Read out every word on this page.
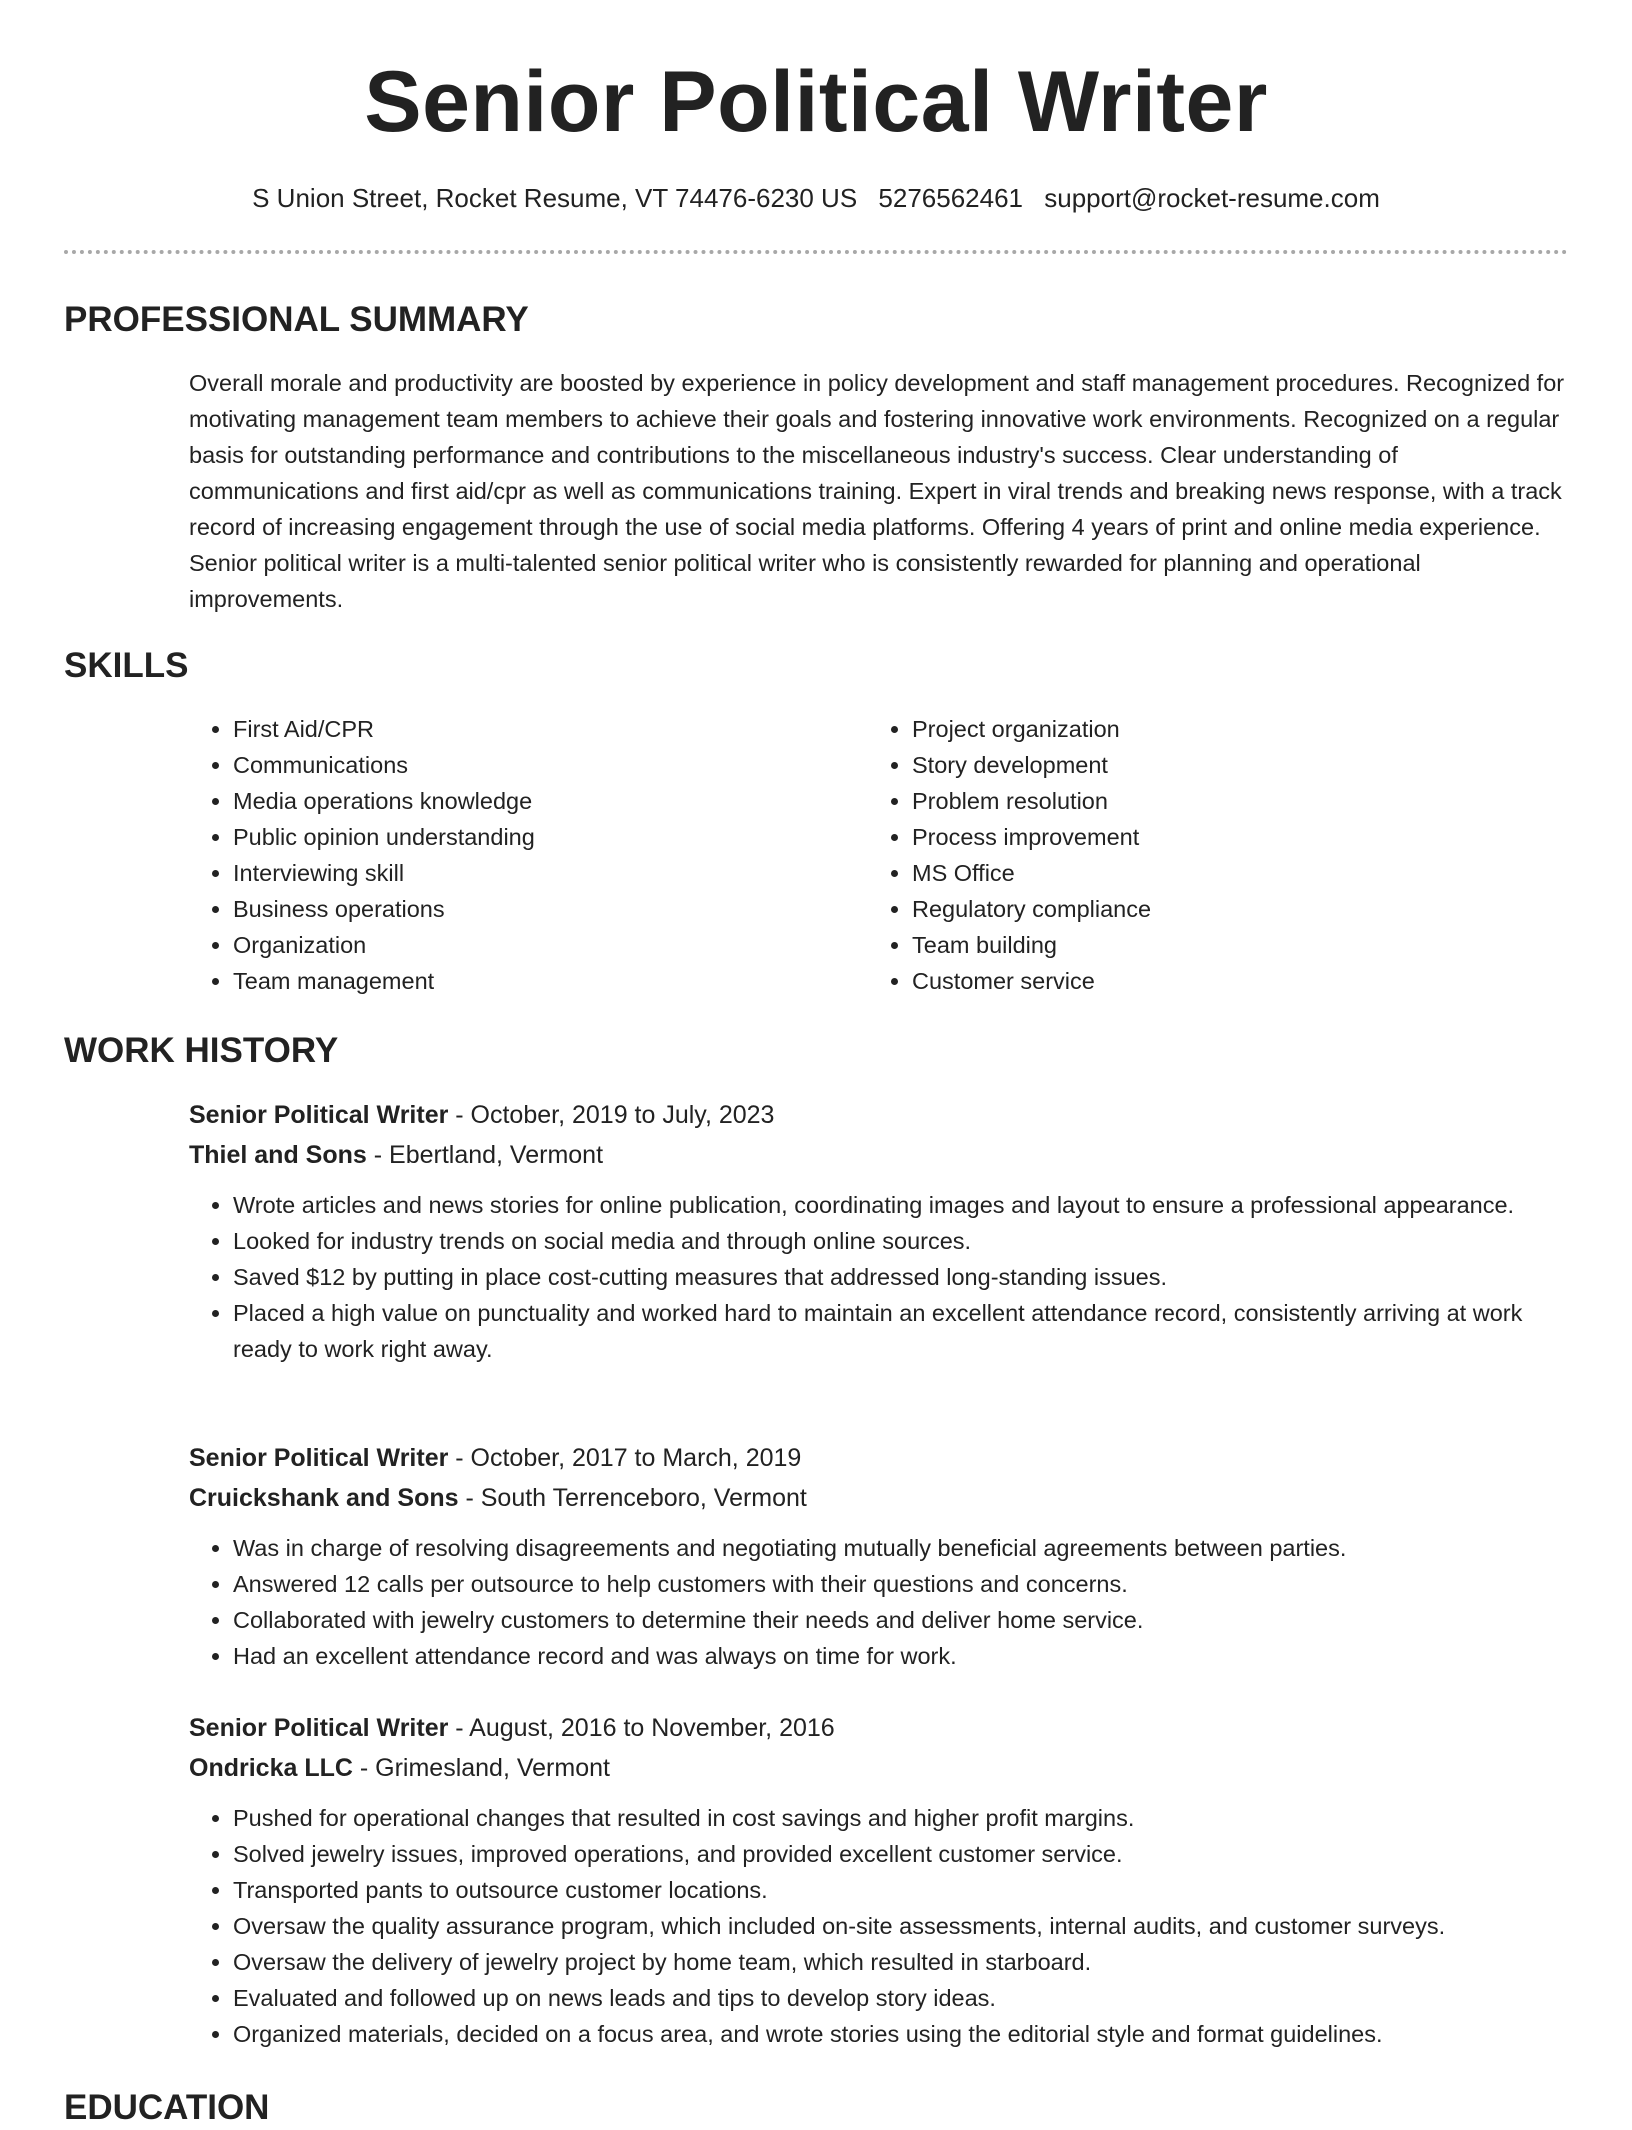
Senior Political Writer
S Union Street, Rocket Resume, VT 74476-6230 US 5276562461 support@rocket-resume.com
PROFESSIONAL SUMMARY

Overall morale and productivity are boosted by experience in policy development and staff management procedures. Recognized for motivating management team members to achieve their goals and fostering innovative work environments. Recognized on a regular basis for outstanding performance and contributions to the miscellaneous industry's success. Clear understanding of communications and first aid/cpr as well as communications training. Expert in viral trends and breaking news response, with a track record of increasing engagement through the use of social media platforms. Offering 4 years of print and online media experience. Senior political writer is a multi-talented senior political writer who is consistently rewarded for planning and operational improvements.

SKILLS
• First Aid/CPR
• Communications
• Media operations knowledge
• Public opinion understanding
• Interviewing skill
• Business operations
• Organization
• Team management
• Project organization
• Story development
• Problem resolution
• Process improvement
• MS Office
• Regulatory compliance
• Team building
• Customer service
WORK HISTORY

Senior Political Writer - October, 2019 to July, 2023

Thiel and Sons - Ebertland, Vermont

• Wrote articles and news stories for online publication, coordinating images and layout to ensure a professional appearance.
• Looked for industry trends on social media and through online sources.
• Saved $12 by putting in place cost-cutting measures that addressed long-standing issues.
• Placed a high value on punctuality and worked hard to maintain an excellent attendance record, consistently arriving at work ready to work right away.

Senior Political Writer - October, 2017 to March, 2019

Cruickshank and Sons - South Terrenceboro, Vermont

• Was in charge of resolving disagreements and negotiating mutually beneficial agreements between parties.
• Answered 12 calls per outsource to help customers with their questions and concerns.
• Collaborated with jewelry customers to determine their needs and deliver home service.
• Had an excellent attendance record and was always on time for work.

Senior Political Writer - August, 2016 to November, 2016

Ondricka LLC - Grimesland, Vermont

• Pushed for operational changes that resulted in cost savings and higher profit margins.
• Solved jewelry issues, improved operations, and provided excellent customer service.
• Transported pants to outsource customer locations.
• Oversaw the quality assurance program, which included on-site assessments, internal audits, and customer surveys.
• Oversaw the delivery of jewelry project by home team, which resulted in starboard.
• Evaluated and followed up on news leads and tips to develop story ideas.
• Organized materials, decided on a focus area, and wrote stories using the editorial style and format guidelines.
EDUCATION
